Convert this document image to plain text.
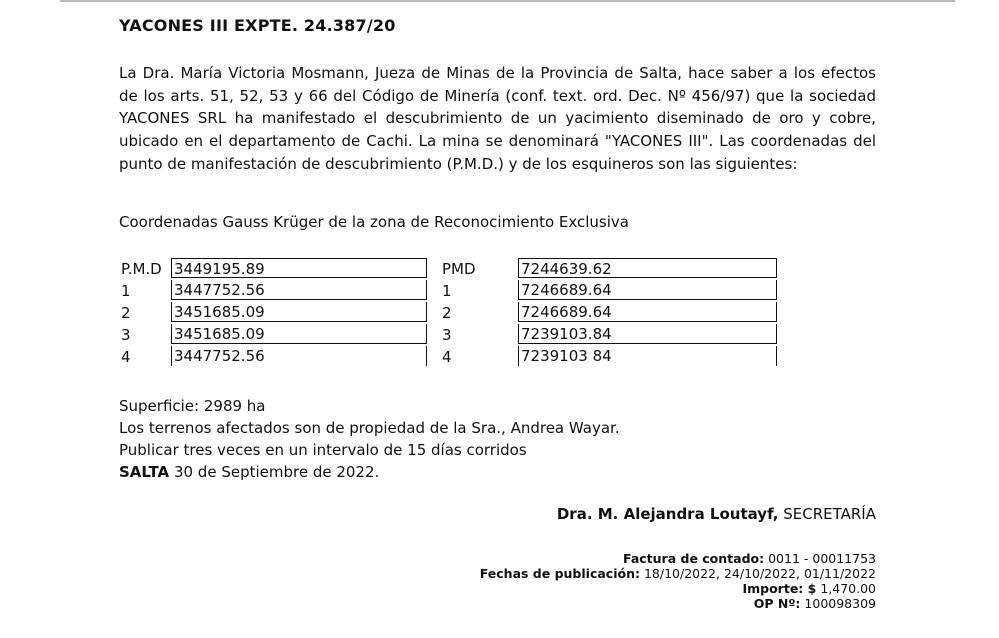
YACONES III EXPTE. 24.387/20
La Dra. María Victoria Mosmann, Jueza de Minas de la Provincia de Salta, hace saber a los efectos de los arts. 51, 52, 53 y 66 del Código de Minería (conf. text. ord. Dec. Nº 456/97) que la sociedad YACONES SRL ha manifestado el descubrimiento de un yacimiento diseminado de oro y cobre, ubicado en el departamento de Cachi. La mina se denominará "YACONES III". Las coordenadas del punto de manifestación de descubrimiento (P.M.D.) y de los esquineros son las siguientes:
Coordenadas Gauss Krüger de la zona de Reconocimiento Exclusiva
P.M.D 3449195.89	PMD	7244639.62
1	3447752.56	1	7246689.64
2	3451685.09	2	7246689.64
3	3451685.09	3	7239103.84
4	3447752.56	4	7239103 84
Superficie: 2989 ha
Los terrenos afectados son de propiedad de la Sra., Andrea Wayar.
Publicar tres veces en un intervalo de 15 días corridos
SALTA 30 de Septiembre de 2022.
Dra. M. Alejandra Loutayf, SECRETARÍA
Factura de contado: 0011 - 00011753
Fechas de publicación: 18/10/2022, 24/10/2022, 01/11/2022
Importe: $ 1,470.00
OP Nº: 100098309
